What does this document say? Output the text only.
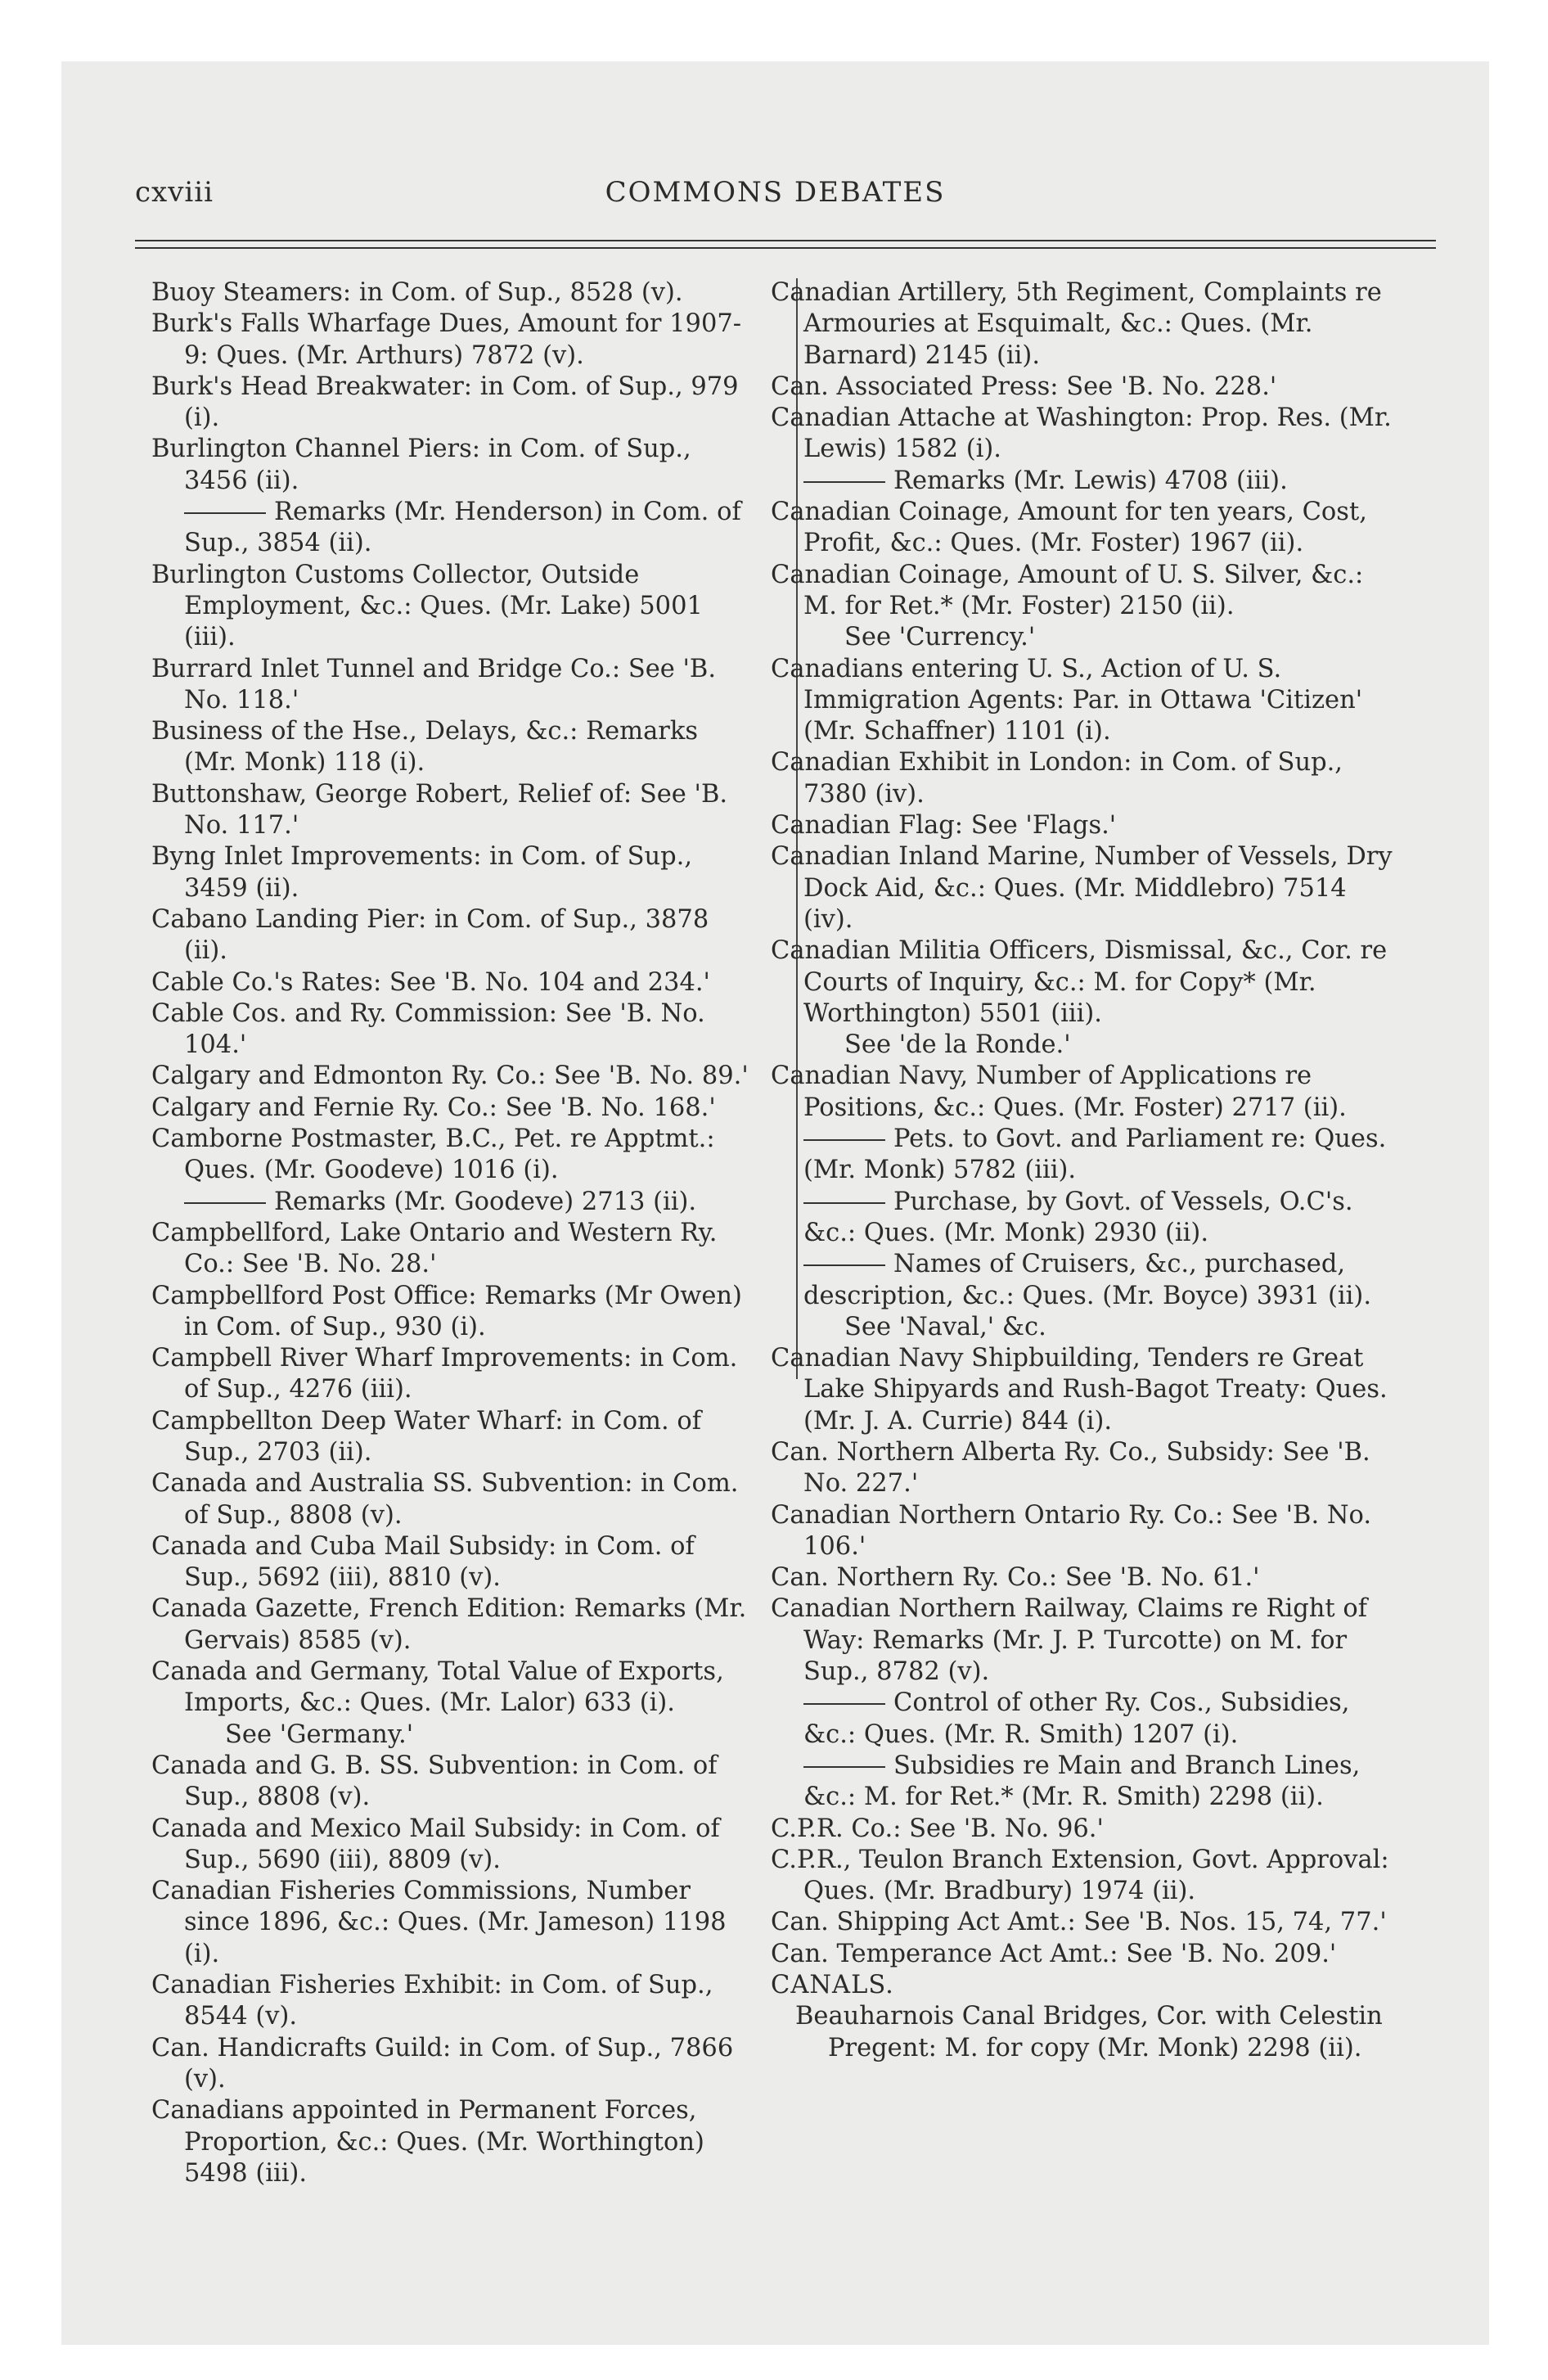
cxviii	COMMONS DEBATES
Buoy Steamers: in Com. of Sup., 8528 (v).
Burk's Falls Wharfage Dues, Amount for 1907-9: Ques. (Mr. Arthurs) 7872 (v).
Burk's Head Breakwater: in Com. of Sup., 979 (i).
Burlington Channel Piers: in Com. of Sup., 3456 (ii).
Remarks (Mr. Henderson) in Com. of Sup., 3854 (ii).
Burlington Customs Collector, Outside Employment, &c.: Ques. (Mr. Lake) 5001 (iii).
Burrard Inlet Tunnel and Bridge Co.: See 'B. No. 118.'
Business of the Hse., Delays, &c.: Remarks (Mr. Monk) 118 (i).
Buttonshaw, George Robert, Relief of: See 'B. No. 117.'
Byng Inlet Improvements: in Com. of Sup., 3459 (ii).
Cabano Landing Pier: in Com. of Sup., 3878 (ii).
Cable Co.'s Rates: See 'B. No. 104 and 234.'
Cable Cos. and Ry. Commission: See 'B. No. 104.'
Calgary and Edmonton Ry. Co.: See 'B. No. 89.'
Calgary and Fernie Ry. Co.: See 'B. No. 168.'
Camborne Postmaster, B.C., Pet. re Apptmt.: Ques. (Mr. Goodeve) 1016 (i).
Remarks (Mr. Goodeve) 2713 (ii).
Campbellford, Lake Ontario and Western Ry. Co.: See 'B. No. 28.'
Campbellford Post Office: Remarks (Mr Owen) in Com. of Sup., 930 (i).
Campbell River Wharf Improvements: in Com. of Sup., 4276 (iii).
Campbellton Deep Water Wharf: in Com. of Sup., 2703 (ii).
Canada and Australia SS. Subvention: in Com. of Sup., 8808 (v).
Canada and Cuba Mail Subsidy: in Com. of Sup., 5692 (iii), 8810 (v).
Canada Gazette, French Edition: Remarks (Mr. Gervais) 8585 (v).
Canada and Germany, Total Value of Exports, Imports, &c.: Ques. (Mr. Lalor) 633 (i).
See 'Germany.'
Canada and G. B. SS. Subvention: in Com. of Sup., 8808 (v).
Canada and Mexico Mail Subsidy: in Com. of Sup., 5690 (iii), 8809 (v).
Canadian Fisheries Commissions, Number since 1896, &c.: Ques. (Mr. Jameson) 1198 (i).
Canadian Fisheries Exhibit: in Com. of Sup., 8544 (v).
Can. Handicrafts Guild: in Com. of Sup., 7866 (v).
Canadians appointed in Permanent Forces, Proportion, &c.: Ques. (Mr. Worthington) 5498 (iii).
Canadian Artillery, 5th Regiment, Complaints re Armouries at Esquimalt, &c.: Ques. (Mr. Barnard) 2145 (ii).
Can. Associated Press: See 'B. No. 228.'
Canadian Attache at Washington: Prop. Res. (Mr. Lewis) 1582 (i).
Remarks (Mr. Lewis) 4708 (iii).
Canadian Coinage, Amount for ten years, Cost, Profit, &c.: Ques. (Mr. Foster) 1967 (ii).
Canadian Coinage, Amount of U. S. Silver, &c.: M. for Ret.* (Mr. Foster) 2150 (ii).
See 'Currency.'
Canadians entering U. S., Action of U. S. Immigration Agents: Par. in Ottawa 'Citizen' (Mr. Schaffner) 1101 (i).
Canadian Exhibit in London: in Com. of Sup., 7380 (iv).
Canadian Flag: See 'Flags.'
Canadian Inland Marine, Number of Vessels, Dry Dock Aid, &c.: Ques. (Mr. Middlebro) 7514 (iv).
Canadian Militia Officers, Dismissal, &c., Cor. re Courts of Inquiry, &c.: M. for Copy* (Mr. Worthington) 5501 (iii).
See 'de la Ronde.'
Canadian Navy, Number of Applications re Positions, &c.: Ques. (Mr. Foster) 2717 (ii).
Pets. to Govt. and Parliament re: Ques. (Mr. Monk) 5782 (iii).
Purchase, by Govt. of Vessels, O.C's. &c.: Ques. (Mr. Monk) 2930 (ii).
Names of Cruisers, &c., purchased, description, &c.: Ques. (Mr. Boyce) 3931 (ii).
See 'Naval,' &c.
Canadian Navy Shipbuilding, Tenders re Great Lake Shipyards and Rush-Bagot Treaty: Ques. (Mr. J. A. Currie) 844 (i).
Can. Northern Alberta Ry. Co., Subsidy: See 'B. No. 227.'
Canadian Northern Ontario Ry. Co.: See 'B. No. 106.'
Can. Northern Ry. Co.: See 'B. No. 61.'
Canadian Northern Railway, Claims re Right of Way: Remarks (Mr. J. P. Turcotte) on M. for Sup., 8782 (v).
Control of other Ry. Cos., Subsidies, &c.: Ques. (Mr. R. Smith) 1207 (i).
Subsidies re Main and Branch Lines, &c.: M. for Ret.* (Mr. R. Smith) 2298 (ii).
C.P.R. Co.: See 'B. No. 96.'
C.P.R., Teulon Branch Extension, Govt. Approval: Ques. (Mr. Bradbury) 1974 (ii).
Can. Shipping Act Amt.: See 'B. Nos. 15, 74, 77.'
Can. Temperance Act Amt.: See 'B. No. 209.'
CANALS.
Beauharnois Canal Bridges, Cor. with Celestin Pregent: M. for copy (Mr. Monk) 2298 (ii).
